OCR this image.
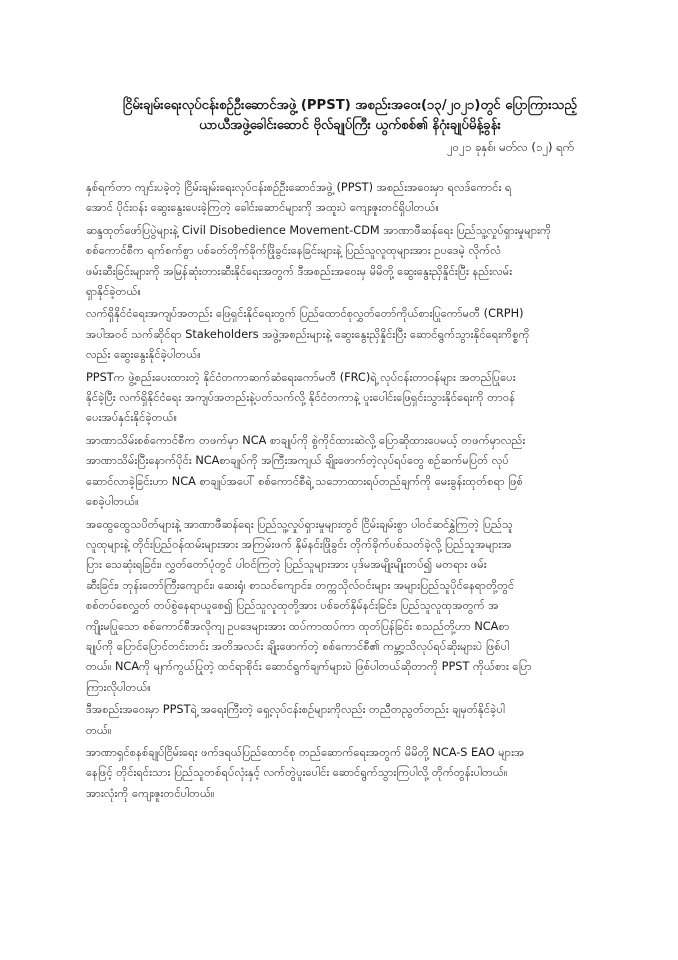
ငြိမ်းချမ်းရေးလုပ်ငန်းစဉ်ဦးဆောင်အဖွဲ့ (PPST) အစည်းအဝေး(၁၃/၂၀၂၁)တွင် ပြောကြားသည့်
ယာယီအဖွဲ့ခေါင်းဆောင် ဗိုလ်ချုပ်ကြီး ယွက်စစ်၏ နိဂုံးချုပ်မိန့်ခွန်း
၂၀၂၁ ခုနှစ်၊ မတ်လ (၁၂) ရက်

နှစ်ရက်တာ ကျင်းပခဲ့တဲ့ ငြိမ်းချမ်းရေးလုပ်ငန်းစဉ်ဦးဆောင်အဖွဲ့ (PPST) အစည်းအဝေးမှာ ရလဒ်ကောင်း ရ
အောင် ပိုင်းဝန်း ဆွေးနွေးပေးခဲ့ကြတဲ့ ခေါင်းဆောင်များကို အထူးပဲ ကျေးဇူးတင်ရှိပါတယ်။

ဆန္ဒထုတ်ဖော်ပြပွဲများနဲ့ Civil Disobedience Movement-CDM အာဏာဖီဆန်ရေး ပြည်သူ့လှုပ်ရှားမှုများကို
စစ်ကောင်စီက ရက်စက်စွာ ပစ်ခတ်တိုက်ခိုက်ဖြိုခွင်းနေခြင်းများနဲ့ ပြည်သူလူထုများအား ဥပဒေမဲ့ လိုက်လံ
ဖမ်းဆီးခြင်းများကို အမြန်ဆုံးတားဆီးနိုင်ရေးအတွက် ဒီအစည်းအဝေးမှ မိမိတို့ ဆွေးနွေးညှိနှိုင်းပြီး နည်းလမ်း
ရှာနိုင်ခဲ့တယ်။

လက်ရှိနိုင်ငံရေးအကျပ်အတည်း ဖြေရှင်းနိုင်ရေးတွက် ပြည်ထောင်စုလွှတ်တော်ကိုယ်စားပြုကော်မတီ (CRPH)
အပါအဝင် သက်ဆိုင်ရာ Stakeholders အဖွဲ့အစည်းများနဲ့ ဆွေးနွေးညှိနှိုင်းပြီး ဆောင်ရွက်သွားနိုင်ရေးကိစ္စကို
လည်း ဆွေးနွေးနိုင်ခဲ့ပါတယ်။

PPSTက ဖွဲ့စည်းပေးထားတဲ့ နိုင်ငံတကာဆက်ဆံရေးကော်မတီ (FRC)ရဲ့ လုပ်ငန်းတာဝန်များ အတည်ပြုပေး
နိုင်ခဲ့ပြီး လက်ရှိနိုင်ငံရေး အကျပ်အတည်းနဲ့ပတ်သက်လို့ နိုင်ငံတကာနဲ့ ပူးပေါင်းဖြေရှင်းသွားနိုင်ရေးကို တာဝန်
ပေးအပ်နှင်းနိုင်ခဲ့တယ်။

အာဏာသိမ်းစစ်ကောင်စီက တဖက်မှာ NCA စာချုပ်ကို စွဲကိုင်ထားဆဲလို့ ပြောဆိုထားပေမယ့် တဖက်မှာလည်း
အာဏာသိမ်းပြီးနောက်ပိုင်း NCAစာချုပ်ကို အကြီးအကျယ် ချိုးဖောက်တဲ့လုပ်ရပ်တွေ စဉ်ဆက်မပြတ် လုပ်
ဆောင်လာခဲ့ခြင်းဟာ NCA စာချုပ်အပေါ် စစ်ကောင်စီရဲ့ သဘောထားရပ်တည်ချက်ကို မေးခွန်းထုတ်စရာ ဖြစ်
စေခဲ့ပါတယ်။

အထွေထွေသပိတ်များနဲ့ အာဏာဖီဆန်ရေး ပြည်သူ့လှုပ်ရှားမှုများတွင် ငြိမ်းချမ်းစွာ ပါဝင်ဆင်နွှဲကြတဲ့ ပြည်သူ
လူထုများနဲ့ တိုင်းပြည်ဝန်ထမ်းများအား အကြမ်းဖက် နှိမ်နင်းဖြိုခွင်း တိုက်ခိုက်ပစ်သတ်ခဲ့လို့ ပြည်သူအများအ
ပြား သေဆုံးရခြင်း၊ လွှတ်တော်ပုံတွင် ပါဝင်ကြတဲ့ ပြည်သူများအား ပုဒ်မအမျိုးမျိုးတပ်၍ မတရား ဖမ်း
ဆီးခြင်း၊ ဘုန်းတော်ကြီးကျောင်း၊ ဆေးရုံ၊ စာသင်ကျောင်း၊ တက္ကသိုလ်ဝင်းများ အများပြည်သူပိုင်နေရာတို့တွင်
စစ်တပ်စေလွှတ် တပ်စွဲနေရာယူစေ၍ ပြည်သူလူထုတို့အား ပစ်ခတ်နှိမ်နင်းခြင်း၊ ပြည်သူလူထုအတွက် အ
ကျိုးမပြုသော စစ်ကောင်စီအလိုကျ ဥပဒေများအား ထပ်ကာထပ်ကာ ထုတ်ပြန်ခြင်း စသည်တို့ဟာ NCAစာ
ချုပ်ကို ပြောင်ပြောင်တင်းတင်း အတိအလင်း ချိုးဖောက်တဲ့ စစ်ကောင်စီ၏ ကမ္ဘာ့သိလုပ်ရပ်ဆိုးများပဲ ဖြစ်ပါ
တယ်။ NCAကို မျက်ကွယ်ပြုတဲ့ ထင်ရာစိုင်း ဆောင်ရွက်ချက်များပဲ ဖြစ်ပါတယ်ဆိုတာကို PPST ကိုယ်စား ပြော
ကြားလိုပါတယ်။

ဒီအစည်းအဝေးမှာ PPSTရဲ့ အရေးကြီးတဲ့ ရှေ့လုပ်ငန်းစဉ်များကိုလည်း တညီတညွတ်တည်း ချမှတ်နိုင်ခဲ့ပါ
တယ်။

အာဏာရှင်စနစ်ချုပ်ငြိမ်းရေး ဖက်ဒရယ်ပြည်ထောင်စု တည်ဆောက်ရေးအတွက် မိမိတို့ NCA-S EAO များအ
နေဖြင့် တိုင်းရင်းသား ပြည်သူတစ်ရပ်လုံးနှင့် လက်တွဲပူးပေါင်း ဆောင်ရွက်သွားကြပါလို့ တိုက်တွန်းပါတယ်။
အားလုံးကို ကျေးဇူးတင်ပါတယ်။
